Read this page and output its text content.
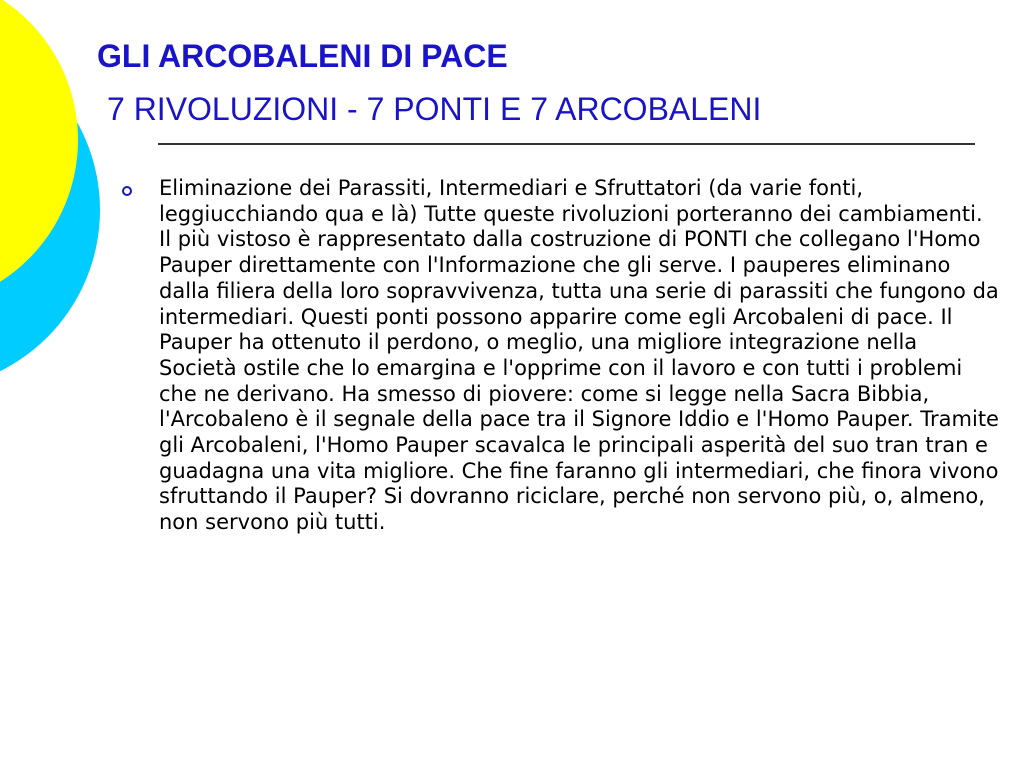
GLI ARCOBALENI DI PACE
7 RIVOLUZIONI - 7 PONTI E 7 ARCOBALENI
Eliminazione dei Parassiti, Intermediari e Sfruttatori (da varie fonti, leggiucchiando qua e là) Tutte queste rivoluzioni porteranno dei cambiamenti. Il più vistoso è rappresentato dalla costruzione di PONTI che collegano l'Homo Pauper direttamente con l'Informazione che gli serve. I pauperes eliminano dalla filiera della loro sopravvivenza, tutta una serie di parassiti che fungono da intermediari. Questi ponti possono apparire come egli Arcobaleni di pace. Il Pauper ha ottenuto il perdono, o meglio, una migliore integrazione nella Società ostile che lo emargina e l'opprime con il lavoro e con tutti i problemi che ne derivano. Ha smesso di piovere: come si legge nella Sacra Bibbia, l'Arcobaleno è il segnale della pace tra il Signore Iddio e l'Homo Pauper. Tramite gli Arcobaleni, l'Homo Pauper scavalca le principali asperità del suo tran tran e guadagna una vita migliore. Che fine faranno gli intermediari, che finora vivono sfruttando il Pauper? Si dovranno riciclare, perché non servono più, o, almeno, non servono più tutti.
